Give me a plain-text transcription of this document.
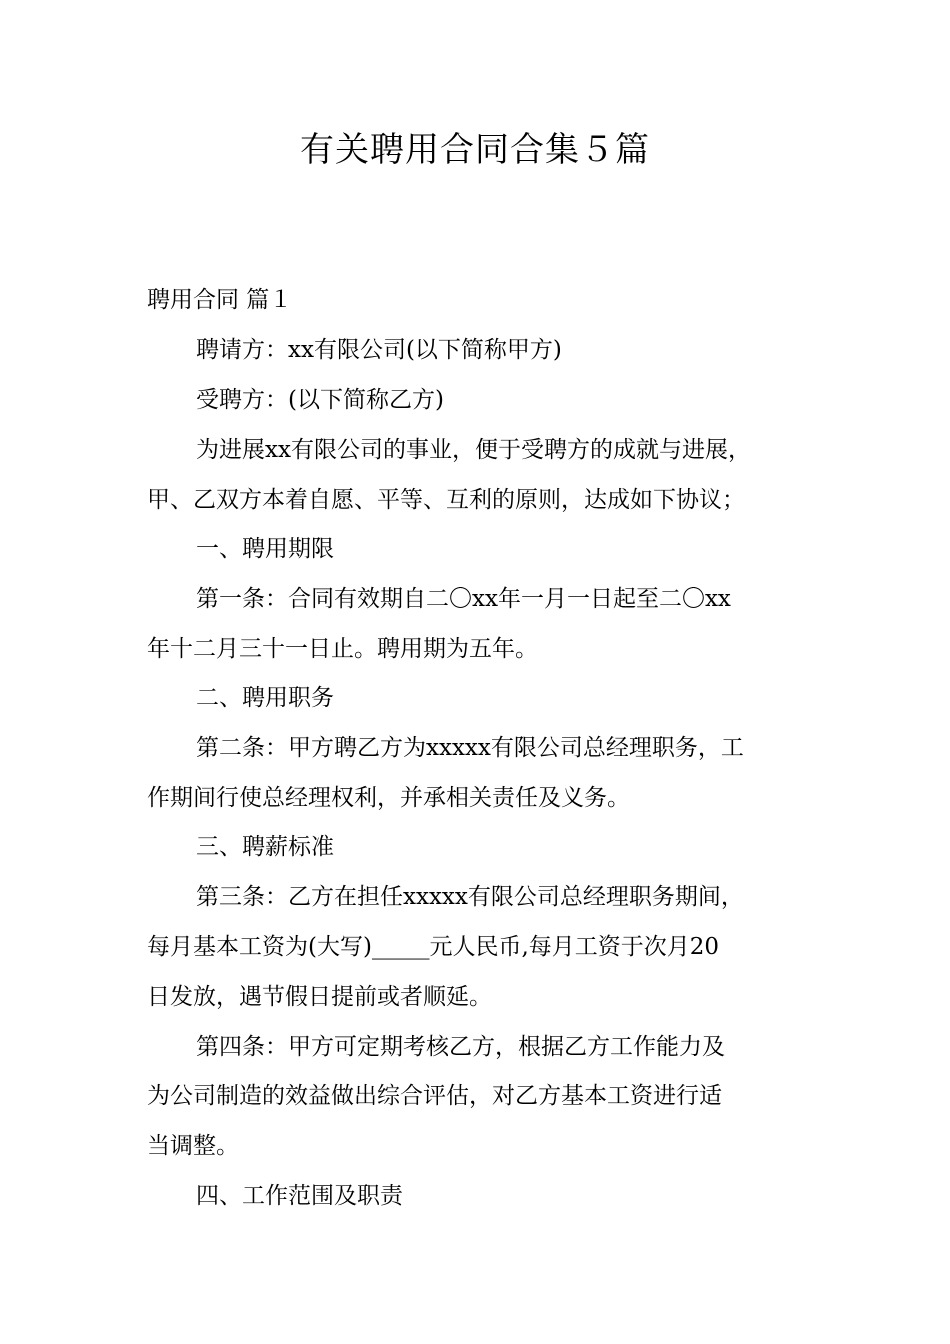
有关聘用合同合集５篇
聘用合同 篇１
聘请方：xx有限公司(以下简称甲方)
受聘方：(以下简称乙方)
为进展xx有限公司的事业，便于受聘方的成就与进展，
甲、乙双方本着自愿、平等、互利的原则，达成如下协议；
一、聘用期限
第一条：合同有效期自二〇xx年一月一日起至二〇xx
年十二月三十一日止。聘用期为五年。
二、聘用职务
第二条：甲方聘乙方为xxxxx有限公司总经理职务，工
作期间行使总经理权利，并承相关责任及义务。
三、聘薪标准
第三条：乙方在担任xxxxx有限公司总经理职务期间，
每月基本工资为(大写)_____元人民币,每月工资于次月20
日发放，遇节假日提前或者顺延。
第四条：甲方可定期考核乙方，根据乙方工作能力及
为公司制造的效益做出综合评估，对乙方基本工资进行适
当调整。
四、工作范围及职责
